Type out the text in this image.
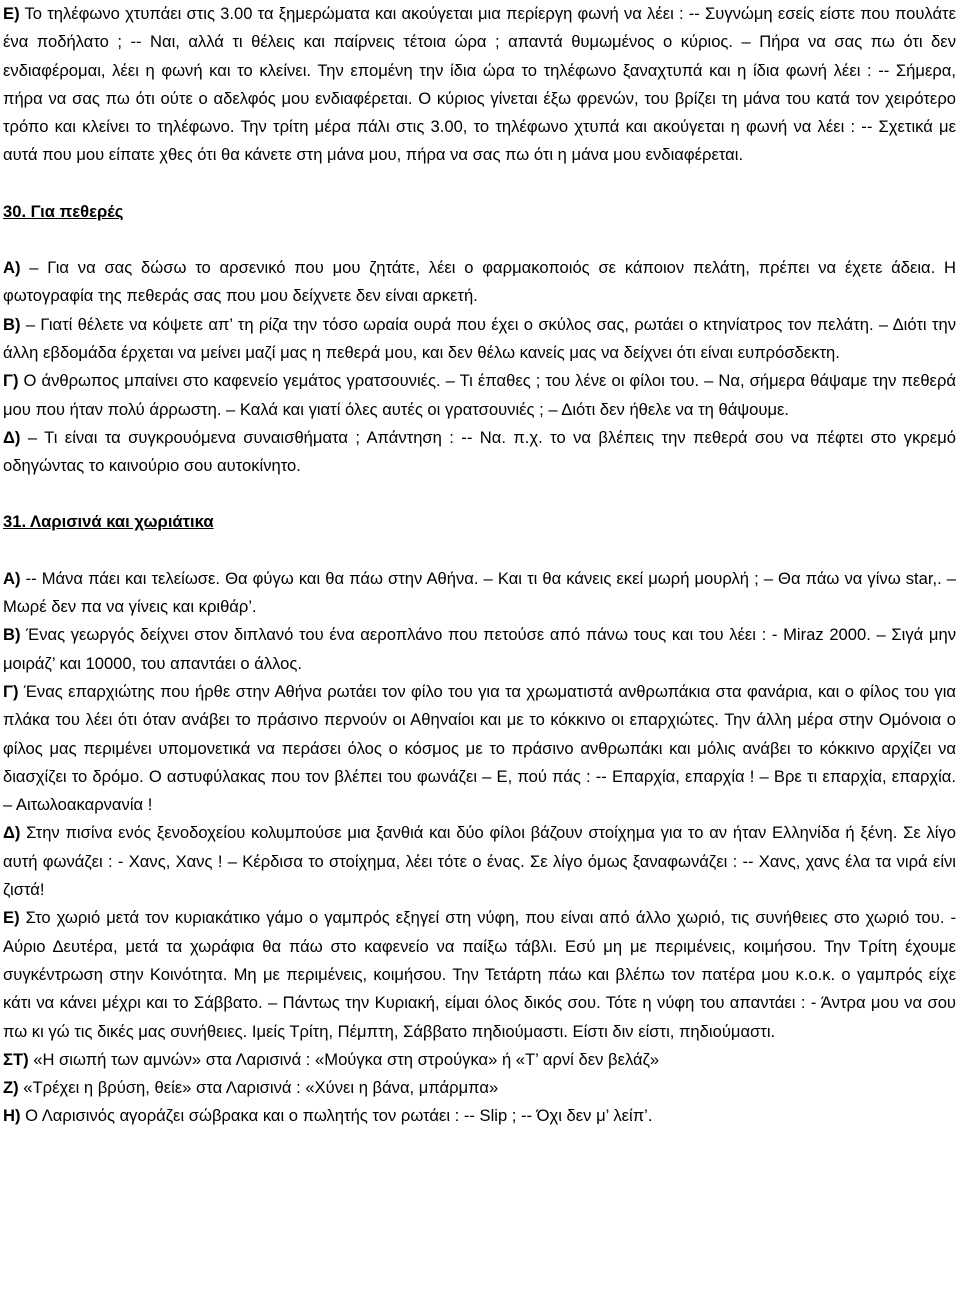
Ε) Το τηλέφωνο χτυπάει στις 3.00 τα ξημερώματα και ακούγεται μια περίεργη φωνή να λέει : -- Συγνώμη εσείς είστε που πουλάτε ένα ποδήλατο ; -- Ναι, αλλά τι θέλεις και παίρνεις τέτοια ώρα ; απαντά θυμωμένος ο κύριος. – Πήρα να σας πω ότι δεν ενδιαφέρομαι, λέει η φωνή και το κλείνει. Την επομένη την ίδια ώρα το τηλέφωνο ξαναχτυπά και η ίδια φωνή λέει : -- Σήμερα, πήρα να σας πω ότι ούτε ο αδελφός μου ενδιαφέρεται. Ο κύριος γίνεται έξω φρενών, του βρίζει τη μάνα του κατά τον χειρότερο τρόπο και κλείνει το τηλέφωνο. Την τρίτη μέρα πάλι στις 3.00, το τηλέφωνο χτυπά και ακούγεται η φωνή να λέει : -- Σχετικά με αυτά που μου είπατε χθες ότι θα κάνετε στη μάνα μου, πήρα να σας πω ότι η μάνα μου ενδιαφέρεται.

30. Για πεθερές

Α) – Για να σας δώσω το αρσενικό που μου ζητάτε, λέει ο φαρμακοποιός σε κάποιον πελάτη, πρέπει να έχετε άδεια. Η φωτογραφία της πεθεράς σας που μου δείχνετε δεν είναι αρκετή.

Β) – Γιατί θέλετε να κόψετε απ’ τη ρίζα την τόσο ωραία ουρά που έχει ο σκύλος σας, ρωτάει ο κτηνίατρος τον πελάτη. – Διότι την άλλη εβδομάδα έρχεται να μείνει μαζί μας η πεθερά μου, και δεν θέλω κανείς μας να δείχνει ότι είναι ευπρόσδεκτη.

Γ) Ο άνθρωπος μπαίνει στο καφενείο γεμάτος γρατσουνιές. – Τι έπαθες ; του λένε οι φίλοι του. – Να, σήμερα θάψαμε την πεθερά μου που ήταν πολύ άρρωστη. – Καλά και γιατί όλες αυτές οι γρατσουνιές ; – Διότι δεν ήθελε να τη θάψουμε.

Δ) – Τι είναι τα συγκρουόμενα συναισθήματα ; Απάντηση : -- Να. π.χ. το να βλέπεις την πεθερά σου να πέφτει στο γκρεμό οδηγώντας το καινούριο σου αυτοκίνητο.

31. Λαρισινά και χωριάτικα

Α) -- Μάνα πάει και τελείωσε. Θα φύγω και θα πάω στην Αθήνα. – Και τι θα κάνεις εκεί μωρή μουρλή ; – Θα πάω να γίνω star,. – Μωρέ δεν πα να γίνεις και κριθάρ’.

Β) Ένας γεωργός δείχνει στον διπλανό του ένα αεροπλάνο που πετούσε από πάνω τους και του λέει : - Miraz 2000. – Σιγά μην μοιράζ’ και 10000, του απαντάει ο άλλος.

Γ) Ένας επαρχιώτης που ήρθε στην Αθήνα ρωτάει τον φίλο του για τα χρωματιστά ανθρωπάκια στα φανάρια, και ο φίλος του για πλάκα του λέει ότι όταν ανάβει το πράσινο περνούν οι Αθηναίοι και με το κόκκινο οι επαρχιώτες. Την άλλη μέρα στην Ομόνοια ο φίλος μας περιμένει υπομονετικά να περάσει όλος ο κόσμος με το πράσινο ανθρωπάκι και μόλις ανάβει το κόκκινο αρχίζει να διασχίζει το δρόμο. Ο αστυφύλακας που τον βλέπει του φωνάζει – Ε, πού πάς : -- Επαρχία, επαρχία ! – Βρε τι επαρχία, επαρχία. – Αιτωλοακαρνανία !

Δ) Στην πισίνα ενός ξενοδοχείου κολυμπούσε μια ξανθιά και δύο φίλοι βάζουν στοίχημα για το αν ήταν Ελληνίδα ή ξένη. Σε λίγο αυτή φωνάζει : - Χανς, Χανς ! – Κέρδισα το στοίχημα, λέει τότε ο ένας. Σε λίγο όμως ξαναφωνάζει : -- Χανς, χανς έλα τα νιρά είνι ζιστά!

Ε) Στο χωριό μετά τον κυριακάτικο γάμο ο γαμπρός εξηγεί στη νύφη, που είναι από άλλο χωριό, τις συνήθειες στο χωριό του. - Αύριο Δευτέρα, μετά τα χωράφια θα πάω στο καφενείο να παίξω τάβλι. Εσύ μη με περιμένεις, κοιμήσου. Την Τρίτη έχουμε συγκέντρωση στην Κοινότητα. Μη με περιμένεις, κοιμήσου. Την Τετάρτη πάω και βλέπω τον πατέρα μου κ.ο.κ. ο γαμπρός είχε κάτι να κάνει μέχρι και το Σάββατο. – Πάντως την Κυριακή, είμαι όλος δικός σου. Τότε η νύφη του απαντάει : - Άντρα μου να σου πω κι γώ τις δικές μας συνήθειες. Ιμείς Τρίτη, Πέμπτη, Σάββατο πηδιούμαστι. Είστι διν είστι, πηδιούμαστι.

ΣΤ) «Η σιωπή των αμνών» στα Λαρισινά : «Μούγκα στη στρούγκα» ή «Τ’ αρνί δεν βελάζ»

Ζ) «Τρέχει η βρύση, θείε» στα Λαρισινά : «Χύνει η βάνα, μπάρμπα»

Η) Ο Λαρισινός αγοράζει σώβρακα και ο πωλητής τον ρωτάει : -- Slip ; -- Όχι δεν μ’ λείπ’.
